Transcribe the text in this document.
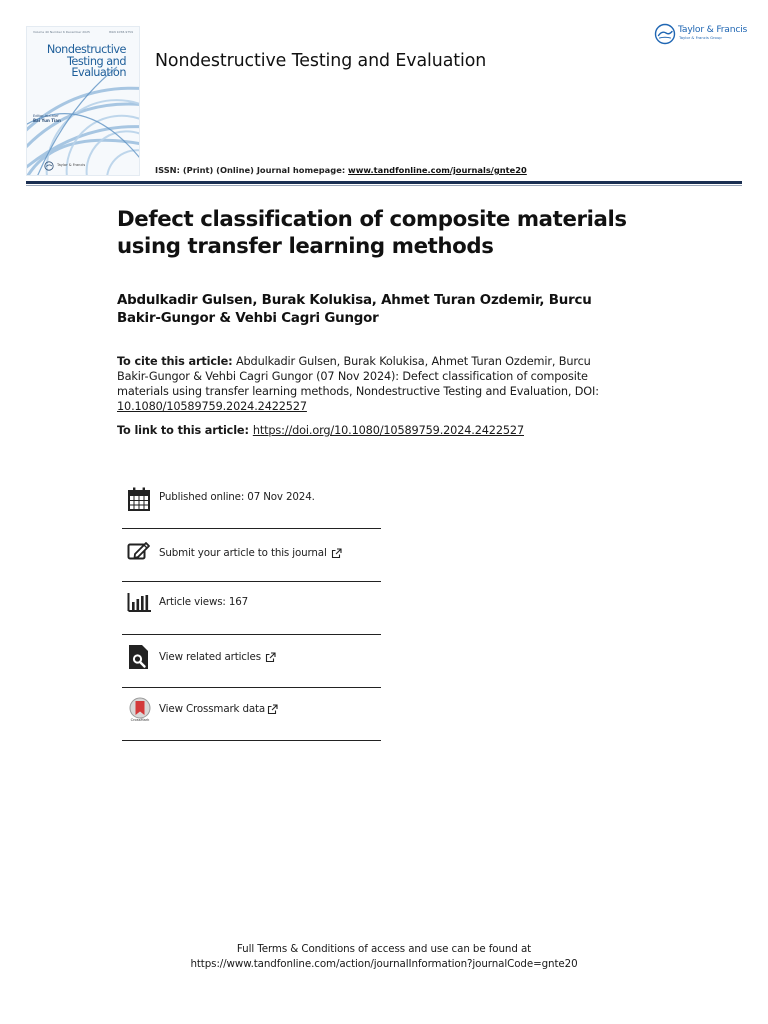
Volume 40 Number 6 December 2025	ISSN 1058-9759
Nondestructive
Testing and
Evaluation
Editor-in-Chief
Bai Yun Tian
Taylor & Francis
Nondestructive Testing and Evaluation
ISSN: (Print) (Online) Journal homepage: www.tandfonline.com/journals/gnte20
Taylor & Francis
Taylor & Francis Group
Defect classification of composite materials using transfer learning methods
Abdulkadir Gulsen, Burak Kolukisa, Ahmet Turan Ozdemir, Burcu Bakir-Gungor & Vehbi Cagri Gungor

To cite this article: Abdulkadir Gulsen, Burak Kolukisa, Ahmet Turan Ozdemir, Burcu Bakir-Gungor & Vehbi Cagri Gungor (07 Nov 2024): Defect classification of composite materials using transfer learning methods, Nondestructive Testing and Evaluation, DOI: 10.1080/10589759.2024.2422527

To link to this article: https://doi.org/10.1080/10589759.2024.2422527

Published online: 07 Nov 2024.
Submit your article to this journal
Article views: 167
View related articles
CrossMark
View Crossmark data
Full Terms & Conditions of access and use can be found at
https://www.tandfonline.com/action/journalInformation?journalCode=gnte20
